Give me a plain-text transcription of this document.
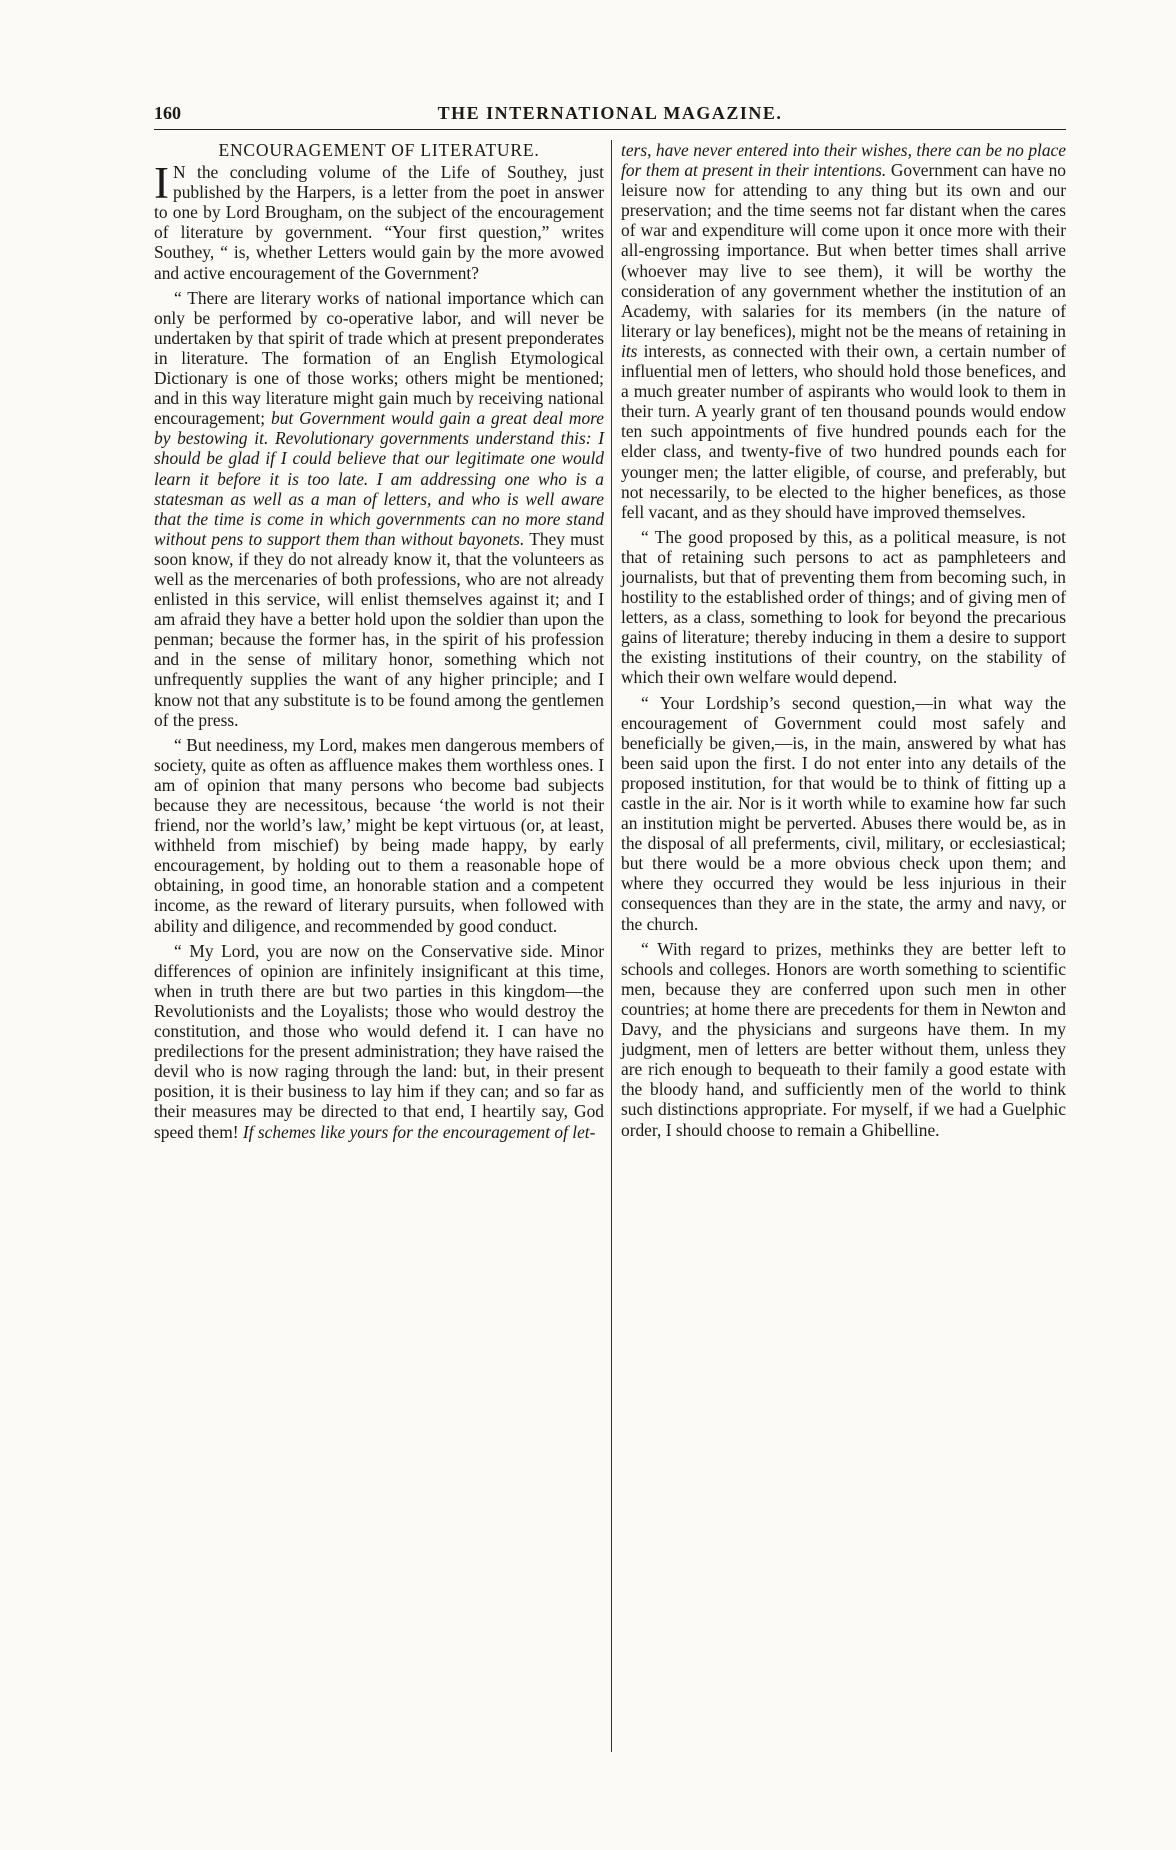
160	THE INTERNATIONAL MAGAZINE.
ENCOURAGEMENT OF LITERATURE.

I N the concluding volume of the Life of Southey, just published by the Harpers, is a letter from the poet in answer to one by Lord Brougham, on the subject of the encouragement of literature by government. “Your first question,” writes Southey, “ is, whether Letters would gain by the more avowed and active encouragement of the Government?

“ There are literary works of national importance which can only be performed by co-operative labor, and will never be undertaken by that spirit of trade which at present preponderates in literature. The formation of an English Etymological Dictionary is one of those works; others might be mentioned; and in this way literature might gain much by receiving national encouragement; but Government would gain a great deal more by bestowing it. Revolutionary governments understand this: I should be glad if I could believe that our legitimate one would learn it before it is too late. I am addressing one who is a statesman as well as a man of letters, and who is well aware that the time is come in which governments can no more stand without pens to support them than without bayonets. They must soon know, if they do not already know it, that the volunteers as well as the mercenaries of both professions, who are not already enlisted in this service, will enlist themselves against it; and I am afraid they have a better hold upon the soldier than upon the penman; because the former has, in the spirit of his profession and in the sense of military honor, something which not unfrequently supplies the want of any higher principle; and I know not that any substitute is to be found among the gentlemen of the press.

“ But neediness, my Lord, makes men dangerous members of society, quite as often as affluence makes them worthless ones. I am of opinion that many persons who become bad subjects because they are necessitous, because ‘the world is not their friend, nor the world’s law,’ might be kept virtuous (or, at least, withheld from mischief) by being made happy, by early encouragement, by holding out to them a reasonable hope of obtaining, in good time, an honorable station and a competent income, as the reward of literary pursuits, when followed with ability and diligence, and recommended by good conduct.

“ My Lord, you are now on the Conservative side. Minor differences of opinion are infinitely insignificant at this time, when in truth there are but two parties in this kingdom—the Revolutionists and the Loyalists; those who would destroy the constitution, and those who would defend it. I can have no predilections for the present administration; they have raised the devil who is now raging through the land: but, in their present position, it is their business to lay him if they can; and so far as their measures may be directed to that end, I heartily say, God speed them! If schemes like yours for the encouragement of let-

ters, have never entered into their wishes, there can be no place for them at present in their intentions. Government can have no leisure now for attending to any thing but its own and our preservation; and the time seems not far distant when the cares of war and expenditure will come upon it once more with their all-engrossing importance. But when better times shall arrive (whoever may live to see them), it will be worthy the consideration of any government whether the institution of an Academy, with salaries for its members (in the nature of literary or lay benefices), might not be the means of retaining in its interests, as connected with their own, a certain number of influential men of letters, who should hold those benefices, and a much greater number of aspirants who would look to them in their turn. A yearly grant of ten thousand pounds would endow ten such appointments of five hundred pounds each for the elder class, and twenty-five of two hundred pounds each for younger men; the latter eligible, of course, and preferably, but not necessarily, to be elected to the higher benefices, as those fell vacant, and as they should have improved themselves.

“ The good proposed by this, as a political measure, is not that of retaining such persons to act as pamphleteers and journalists, but that of preventing them from becoming such, in hostility to the established order of things; and of giving men of letters, as a class, something to look for beyond the precarious gains of literature; thereby inducing in them a desire to support the existing institutions of their country, on the stability of which their own welfare would depend.

“ Your Lordship’s second question,—in what way the encouragement of Government could most safely and beneficially be given,—is, in the main, answered by what has been said upon the first. I do not enter into any details of the proposed institution, for that would be to think of fitting up a castle in the air. Nor is it worth while to examine how far such an institution might be perverted. Abuses there would be, as in the disposal of all preferments, civil, military, or ecclesiastical; but there would be a more obvious check upon them; and where they occurred they would be less injurious in their consequences than they are in the state, the army and navy, or the church.

“ With regard to prizes, methinks they are better left to schools and colleges. Honors are worth something to scientific men, because they are conferred upon such men in other countries; at home there are precedents for them in Newton and Davy, and the physicians and surgeons have them. In my judgment, men of letters are better without them, unless they are rich enough to bequeath to their family a good estate with the bloody hand, and sufficiently men of the world to think such distinctions appropriate. For myself, if we had a Guelphic order, I should choose to remain a Ghibelline.
